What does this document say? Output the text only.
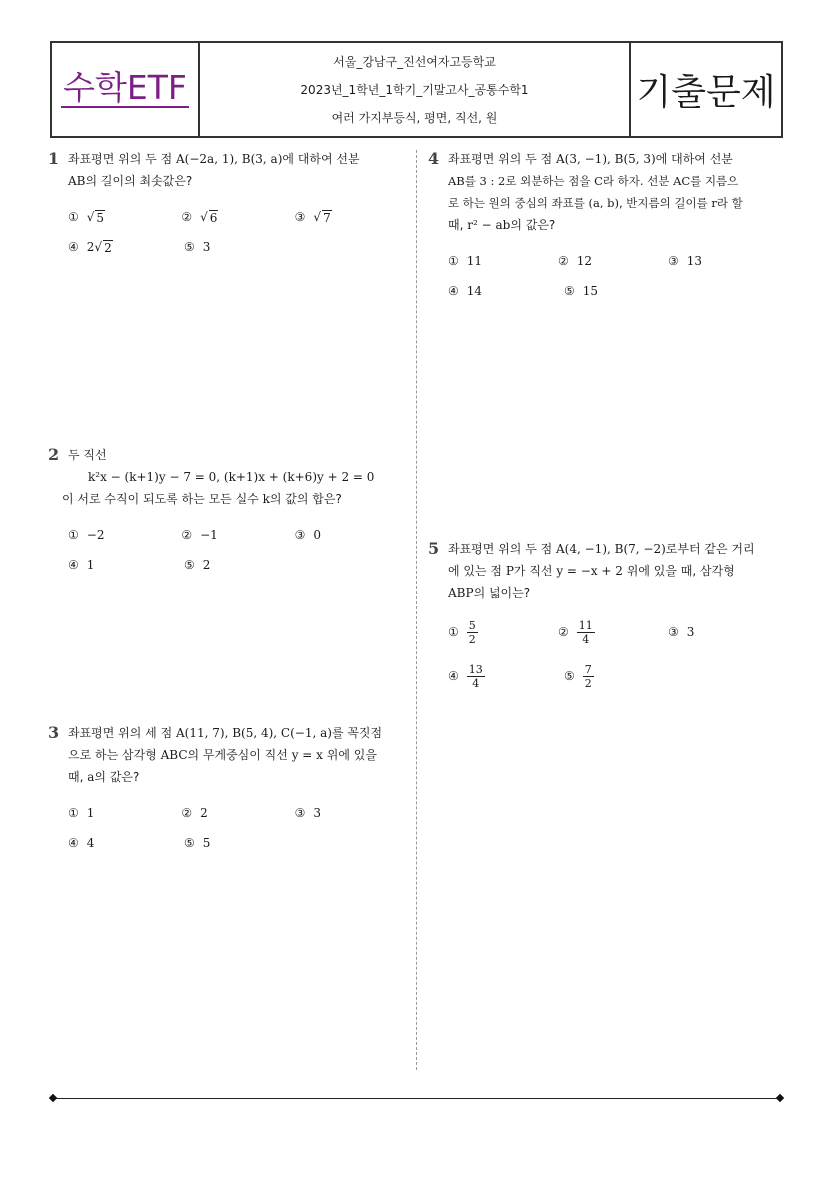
수학ETF
서울_강남구_진선여자고등학교
2023년_1학년_1학기_기말고사_공통수학1
여러 가지부등식, 평면, 직선, 원
기출문제
1 좌표평면 위의 두 점 A(−2a, 1), B(3, a)에 대하여 선분
AB의 길이의 최솟값은?
① √ 5	② √ 6	③ √ 7
④ 2 √ 2	⑤ 3
2 두 직선
k²x − (k+1)y − 7 = 0, (k+1)x + (k+6)y + 2 = 0
이 서로 수직이 되도록 하는 모든 실수 k의 값의 합은?
① −2	② −1	③ 0
④ 1	⑤ 2
3 좌표평면 위의 세 점 A(11, 7), B(5, 4), C(−1, a)를 꼭짓점
으로 하는 삼각형 ABC의 무게중심이 직선 y = x 위에 있을
때, a의 값은?
① 1	② 2	③ 3
④ 4	⑤ 5
4 좌표평면 위의 두 점 A(3, −1), B(5, 3)에 대하여 선분
AB를 3 : 2로 외분하는 점을 C라 하자. 선분 AC를 지름으
로 하는 원의 중심의 좌표를 (a, b), 반지름의 길이를 r라 할
때, r² − ab의 값은?
① 11	② 12	③ 13
④ 14	⑤ 15
5 좌표평면 위의 두 점 A(4, −1), B(7, −2)로부터 같은 거리
에 있는 점 P가 직선 y = −x + 2 위에 있을 때, 삼각형
ABP의 넓이는?
① $\frac{5}{2}$	② $\frac{11}{4}$	③ 3
④ $\frac{13}{4}$	⑤ $\frac{7}{2}$
